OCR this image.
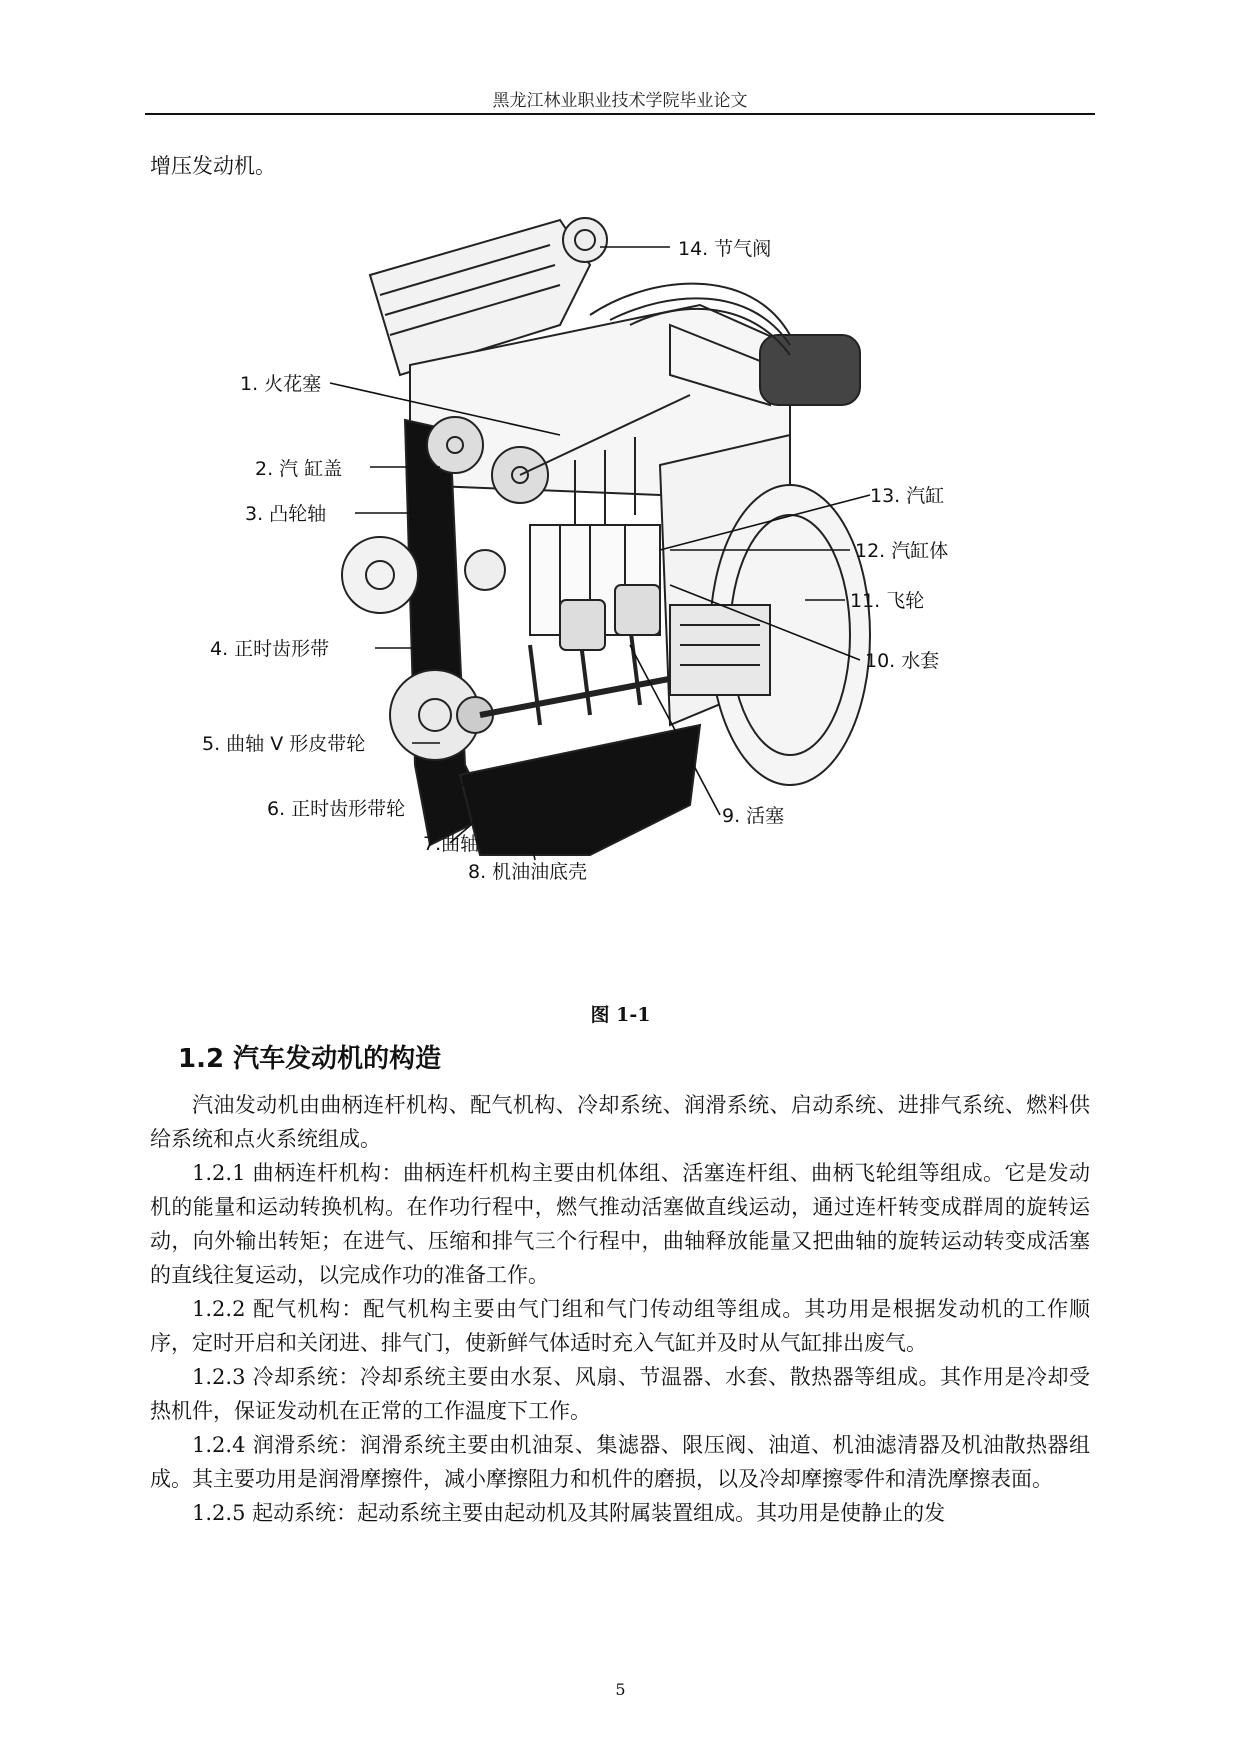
黑龙江林业职业技术学院毕业论文
增压发动机。
14. 节气阀
1. 火花塞
2. 汽 缸盖
3. 凸轮轴
13. 汽缸
12. 汽缸体
11. 飞轮
4. 正时齿形带
10. 水套
5. 曲轴 V 形皮带轮
6. 正时齿形带轮	9. 活塞
7.曲轴
8. 机油油底壳
图 1-1
1.2 汽车发动机的构造

汽油发动机由曲柄连杆机构、配气机构、冷却系统、润滑系统、启动系统、进排气系统、燃料供给系统和点火系统组成。

1.2.1 曲柄连杆机构：曲柄连杆机构主要由机体组、活塞连杆组、曲柄飞轮组等组成。它是发动机的能量和运动转换机构。在作功行程中，燃气推动活塞做直线运动，通过连杆转变成群周的旋转运动，向外输出转矩；在进气、压缩和排气三个行程中，曲轴释放能量又把曲轴的旋转运动转变成活塞的直线往复运动，以完成作功的准备工作。

1.2.2 配气机构：配气机构主要由气门组和气门传动组等组成。其功用是根据发动机的工作顺序，定时开启和关闭进、排气门，使新鲜气体适时充入气缸并及时从气缸排出废气。

1.2.3 冷却系统：冷却系统主要由水泵、风扇、节温器、水套、散热器等组成。其作用是冷却受热机件，保证发动机在正常的工作温度下工作。

1.2.4 润滑系统：润滑系统主要由机油泵、集滤器、限压阀、油道、机油滤清器及机油散热器组成。其主要功用是润滑摩擦件，减小摩擦阻力和机件的磨损，以及冷却摩擦零件和清洗摩擦表面。

1.2.5 起动系统：起动系统主要由起动机及其附属装置组成。其功用是使静止的发

5
